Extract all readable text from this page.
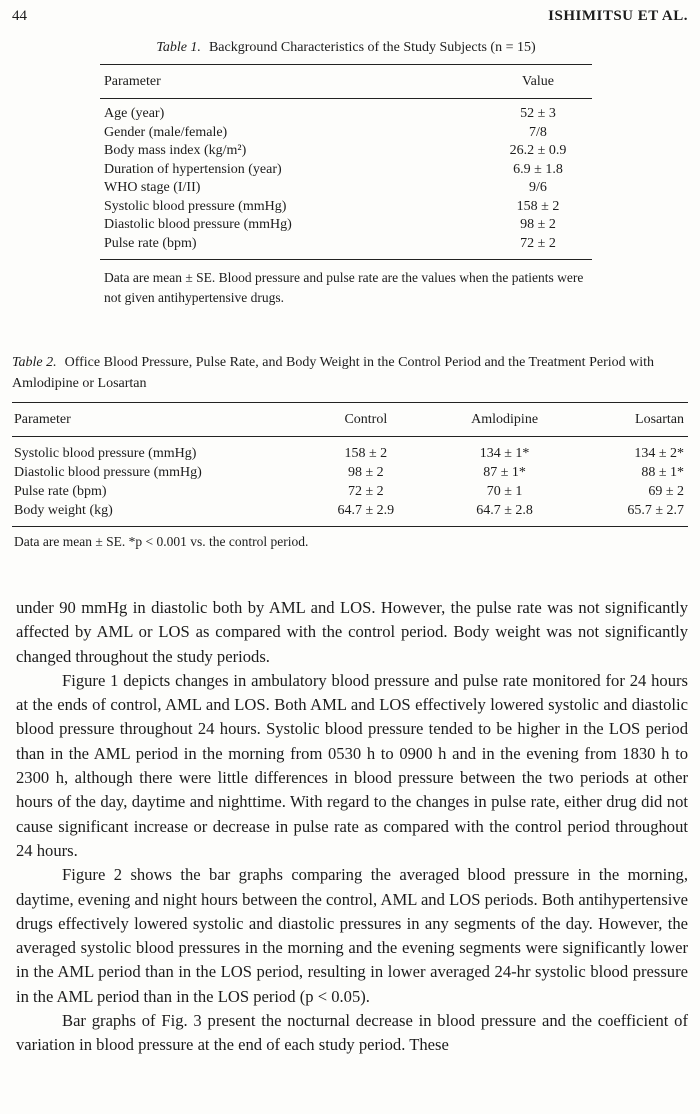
44	ISHIMITSU ET AL.
Table 1. Background Characteristics of the Study Subjects (n = 15)
Parameter	Value
Age (year)	52 ± 3
Gender (male/female)	7/8
Body mass index (kg/m²)	26.2 ± 0.9
Duration of hypertension (year)	6.9 ± 1.8
WHO stage (I/II)	9/6
Systolic blood pressure (mmHg)	158 ± 2
Diastolic blood pressure (mmHg)	98 ± 2
Pulse rate (bpm)	72 ± 2
Data are mean ± SE. Blood pressure and pulse rate are the values when the patients were not given antihypertensive drugs.
Table 2. Office Blood Pressure, Pulse Rate, and Body Weight in the Control Period and the Treatment Period with Amlodipine or Losartan
Parameter	Control	Amlodipine	Losartan
Systolic blood pressure (mmHg)	158 ± 2	134 ± 1*	134 ± 2*
Diastolic blood pressure (mmHg)	98 ± 2	87 ± 1*	88 ± 1*
Pulse rate (bpm)	72 ± 2	70 ± 1	69 ± 2
Body weight (kg)	64.7 ± 2.9	64.7 ± 2.8	65.7 ± 2.7
Data are mean ± SE. *p < 0.001 vs. the control period.

under 90 mmHg in diastolic both by AML and LOS. However, the pulse rate was not significantly affected by AML or LOS as compared with the control period. Body weight was not significantly changed throughout the study periods.

Figure 1 depicts changes in ambulatory blood pressure and pulse rate monitored for 24 hours at the ends of control, AML and LOS. Both AML and LOS effectively lowered systolic and diastolic blood pressure throughout 24 hours. Systolic blood pressure tended to be higher in the LOS period than in the AML period in the morning from 0530 h to 0900 h and in the evening from 1830 h to 2300 h, although there were little differences in blood pressure between the two periods at other hours of the day, daytime and nighttime. With regard to the changes in pulse rate, either drug did not cause significant increase or decrease in pulse rate as compared with the control period throughout 24 hours.

Figure 2 shows the bar graphs comparing the averaged blood pressure in the morning, daytime, evening and night hours between the control, AML and LOS periods. Both antihypertensive drugs effectively lowered systolic and diastolic pressures in any segments of the day. However, the averaged systolic blood pressures in the morning and the evening segments were significantly lower in the AML period than in the LOS period, resulting in lower averaged 24-hr systolic blood pressure in the AML period than in the LOS period (p < 0.05).

Bar graphs of Fig. 3 present the nocturnal decrease in blood pressure and the coefficient of variation in blood pressure at the end of each study period. These
